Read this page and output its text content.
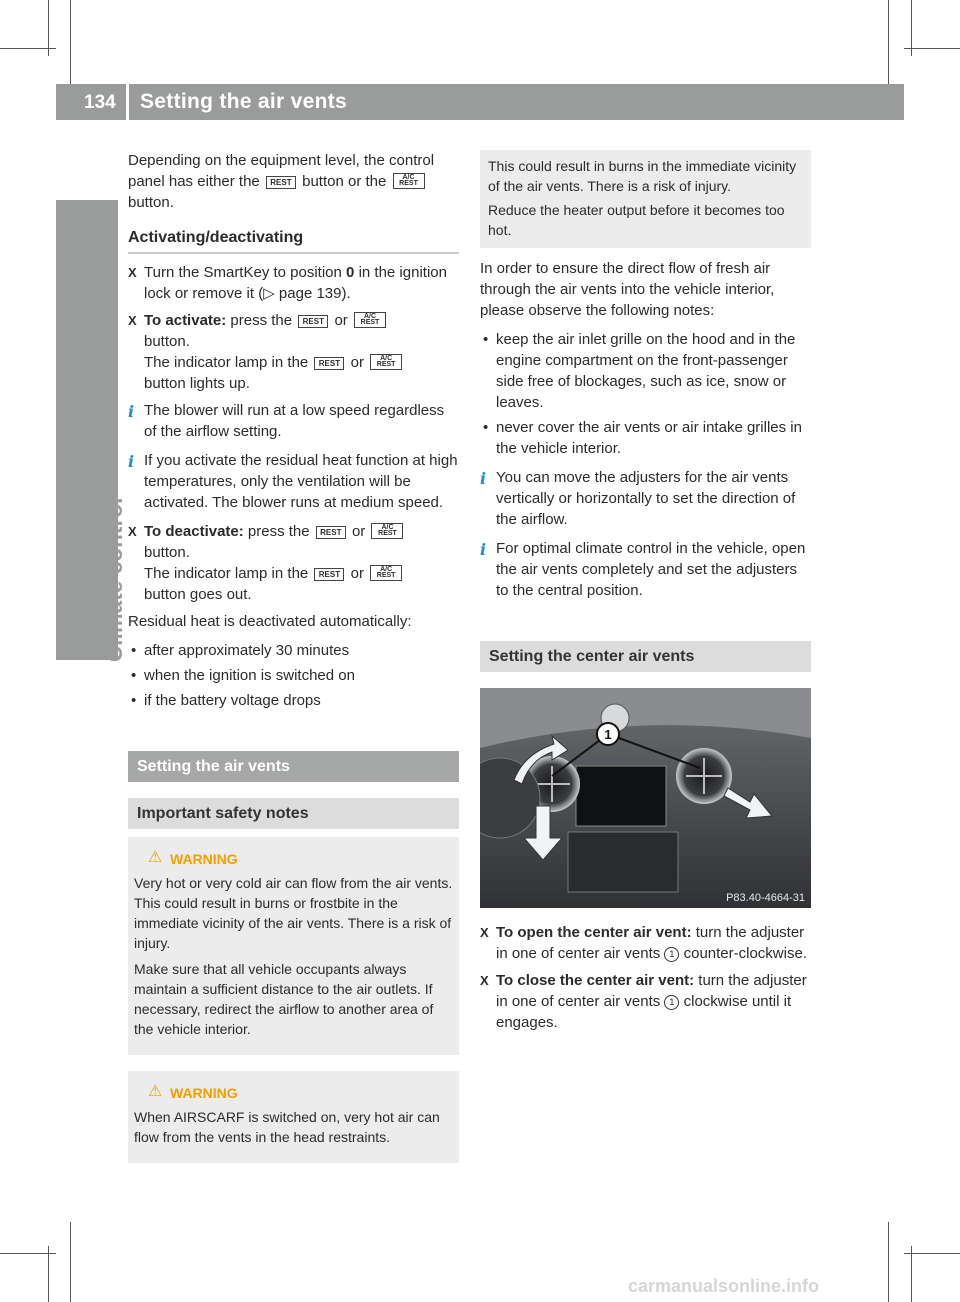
134 Setting the air vents
Climate control

Depending on the equipment level, the control panel has either the REST button or the A/C
REST button.

Activating/deactivating
X Turn the SmartKey to position 0 in the ignition lock or remove it (▷ page 139).
X To activate: press the REST or A/C
REST
button.
The indicator lamp in the REST or A/C
REST
button lights up.
i The blower will run at a low speed regardless of the airflow setting.
i If you activate the residual heat function at high temperatures, only the ventilation will be activated. The blower runs at medium speed.
X To deactivate: press the REST or A/C
REST
button.
The indicator lamp in the REST or A/C
REST
button goes out.

Residual heat is deactivated automatically:

• after approximately 30 minutes
• when the ignition is switched on
• if the battery voltage drops
Setting the air vents
Important safety notes
⚠ WARNING

Very hot or very cold air can flow from the air vents. This could result in burns or frostbite in the immediate vicinity of the air vents. There is a risk of injury.

Make sure that all vehicle occupants always maintain a sufficient distance to the air outlets. If necessary, redirect the airflow to another area of the vehicle interior.

⚠ WARNING

When AIRSCARF is switched on, very hot air can flow from the vents in the head restraints.

This could result in burns in the immediate vicinity of the air vents. There is a risk of injury.

Reduce the heater output before it becomes too hot.

In order to ensure the direct flow of fresh air through the air vents into the vehicle interior, please observe the following notes:

• keep the air inlet grille on the hood and in the engine compartment on the front-passenger side free of blockages, such as ice, snow or leaves.
• never cover the air vents or air intake grilles in the vehicle interior.
i You can move the adjusters for the air vents vertically or horizontally to set the direction of the airflow.
i For optimal climate control in the vehicle, open the air vents completely and set the adjusters to the central position.
Setting the center air vents
1
P83.40-4664-31
X To open the center air vent: turn the adjuster in one of center air vents 1 counter-clockwise.
X To close the center air vent: turn the adjuster in one of center air vents 1 clockwise until it engages.
carmanualsonline.info
